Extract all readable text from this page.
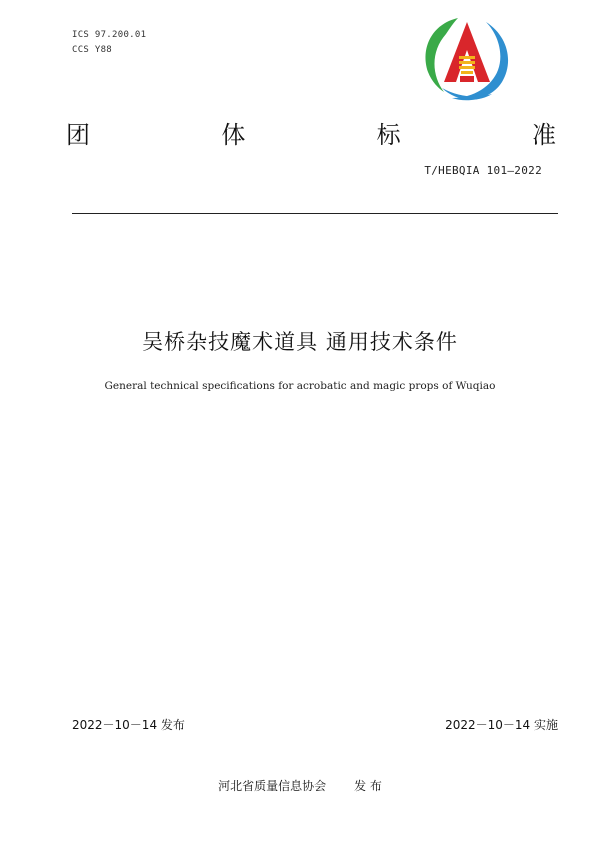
ICS 97.200.01
CCS Y88
团	体	标	准
T/HEBQIA 101—2022
吴桥杂技魔术道具 通用技术条件
General technical specifications for acrobatic and magic props of Wuqiao
2022－10－14 发布	2022－10－14 实施
河北省质量信息协会 发 布
